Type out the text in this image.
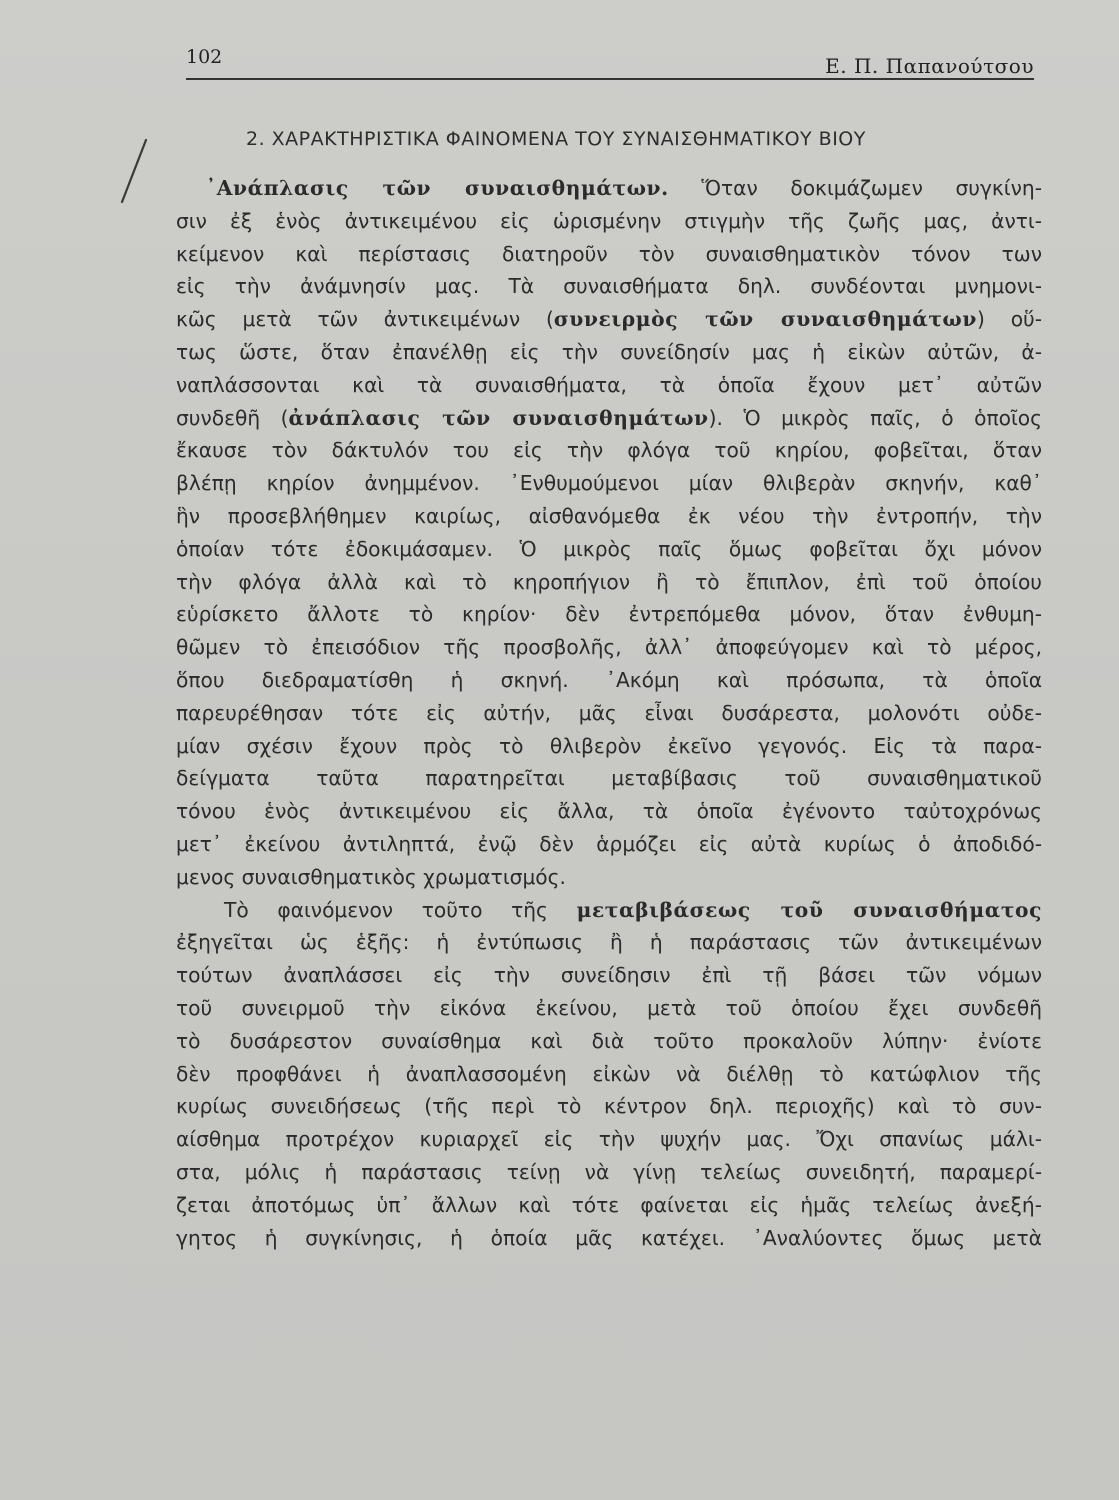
102	Ε. Π. Παπανούτσου
2. ΧΑΡΑΚΤΗΡΙΣΤΙΚΑ ΦΑΙΝΟΜΕΝΑ ΤΟΥ ΣΥΝΑΙΣΘΗΜΑΤΙΚΟΥ ΒΙΟΥ
᾿Ανάπλασις τῶν συναισθημάτων. Ὅταν δοκιμάζωμεν συγκίνη-
σιν ἐξ ἑνὸς ἀντικειμένου εἰς ὡρισμένην στιγμὴν τῆς ζωῆς μας, ἀντι-
κείμενον καὶ περίστασις διατηροῦν τὸν συναισθηματικὸν τόνον των
εἰς τὴν ἀνάμνησίν μας. Τὰ συναισθήματα δηλ. συνδέονται μνημονι-
κῶς μετὰ τῶν ἀντικειμένων (συνειρμὸς τῶν συναισθημάτων) οὕ-
τως ὥστε, ὅταν ἐπανέλθῃ εἰς τὴν συνείδησίν μας ἡ εἰκὼν αὐτῶν, ἀ-
ναπλάσσονται καὶ τὰ συναισθήματα, τὰ ὁποῖα ἔχουν μετ᾿ αὐτῶν
συνδεθῆ (ἀνάπλασις τῶν συναισθημάτων). Ὁ μικρὸς παῖς, ὁ ὁποῖος
ἔκαυσε τὸν δάκτυλόν του εἰς τὴν φλόγα τοῦ κηρίου, φοβεῖται, ὅταν
βλέπῃ κηρίον ἀνημμένον. ᾿Ενθυμούμενοι μίαν θλιβερὰν σκηνήν, καθ᾿
ἣν προσεβλήθημεν καιρίως, αἰσθανόμεθα ἐκ νέου τὴν ἐντροπήν, τὴν
ὁποίαν τότε ἐδοκιμάσαμεν. Ὁ μικρὸς παῖς ὅμως φοβεῖται ὄχι μόνον
τὴν φλόγα ἀλλὰ καὶ τὸ κηροπήγιον ἢ τὸ ἔπιπλον, ἐπὶ τοῦ ὁποίου
εὑρίσκετο ἄλλοτε τὸ κηρίον· δὲν ἐντρεπόμεθα μόνον, ὅταν ἐνθυμη-
θῶμεν τὸ ἐπεισόδιον τῆς προσβολῆς, ἀλλ᾿ ἀποφεύγομεν καὶ τὸ μέρος,
ὅπου διεδραματίσθη ἡ σκηνή. ᾿Ακόμη καὶ πρόσωπα, τὰ ὁποῖα
παρευρέθησαν τότε εἰς αὐτήν, μᾶς εἶναι δυσάρεστα, μολονότι οὐδε-
μίαν σχέσιν ἔχουν πρὸς τὸ θλιβερὸν ἐκεῖνο γεγονός. Εἰς τὰ παρα-
δείγματα ταῦτα παρατηρεῖται μεταβίβασις τοῦ συναισθηματικοῦ
τόνου ἑνὸς ἀντικειμένου εἰς ἄλλα, τὰ ὁποῖα ἐγένοντο ταὐτοχρόνως
μετ᾿ ἐκείνου ἀντιληπτά, ἐνῷ δὲν ἁρμόζει εἰς αὐτὰ κυρίως ὁ ἀποδιδό-
μενος συναισθηματικὸς χρωματισμός.
Τὸ φαινόμενον τοῦτο τῆς μεταβιβάσεως τοῦ συναισθήματος
ἐξηγεῖται ὡς ἑξῆς: ἡ ἐντύπωσις ἢ ἡ παράστασις τῶν ἀντικειμένων
τούτων ἀναπλάσσει εἰς τὴν συνείδησιν ἐπὶ τῇ βάσει τῶν νόμων
τοῦ συνειρμοῦ τὴν εἰκόνα ἐκείνου, μετὰ τοῦ ὁποίου ἔχει συνδεθῆ
τὸ δυσάρεστον συναίσθημα καὶ διὰ τοῦτο προκαλοῦν λύπην· ἐνίοτε
δὲν προφθάνει ἡ ἀναπλασσομένη εἰκὼν νὰ διέλθῃ τὸ κατώφλιον τῆς
κυρίως συνειδήσεως (τῆς περὶ τὸ κέντρον δηλ. περιοχῆς) καὶ τὸ συν-
αίσθημα προτρέχον κυριαρχεῖ εἰς τὴν ψυχήν μας. Ὄχι σπανίως μάλι-
στα, μόλις ἡ παράστασις τείνῃ νὰ γίνῃ τελείως συνειδητή, παραμερί-
ζεται ἀποτόμως ὑπ᾿ ἄλλων καὶ τότε φαίνεται εἰς ἡμᾶς τελείως ἀνεξή-
γητος ἡ συγκίνησις, ἡ ὁποία μᾶς κατέχει. ᾿Αναλύοντες ὅμως μετὰ
